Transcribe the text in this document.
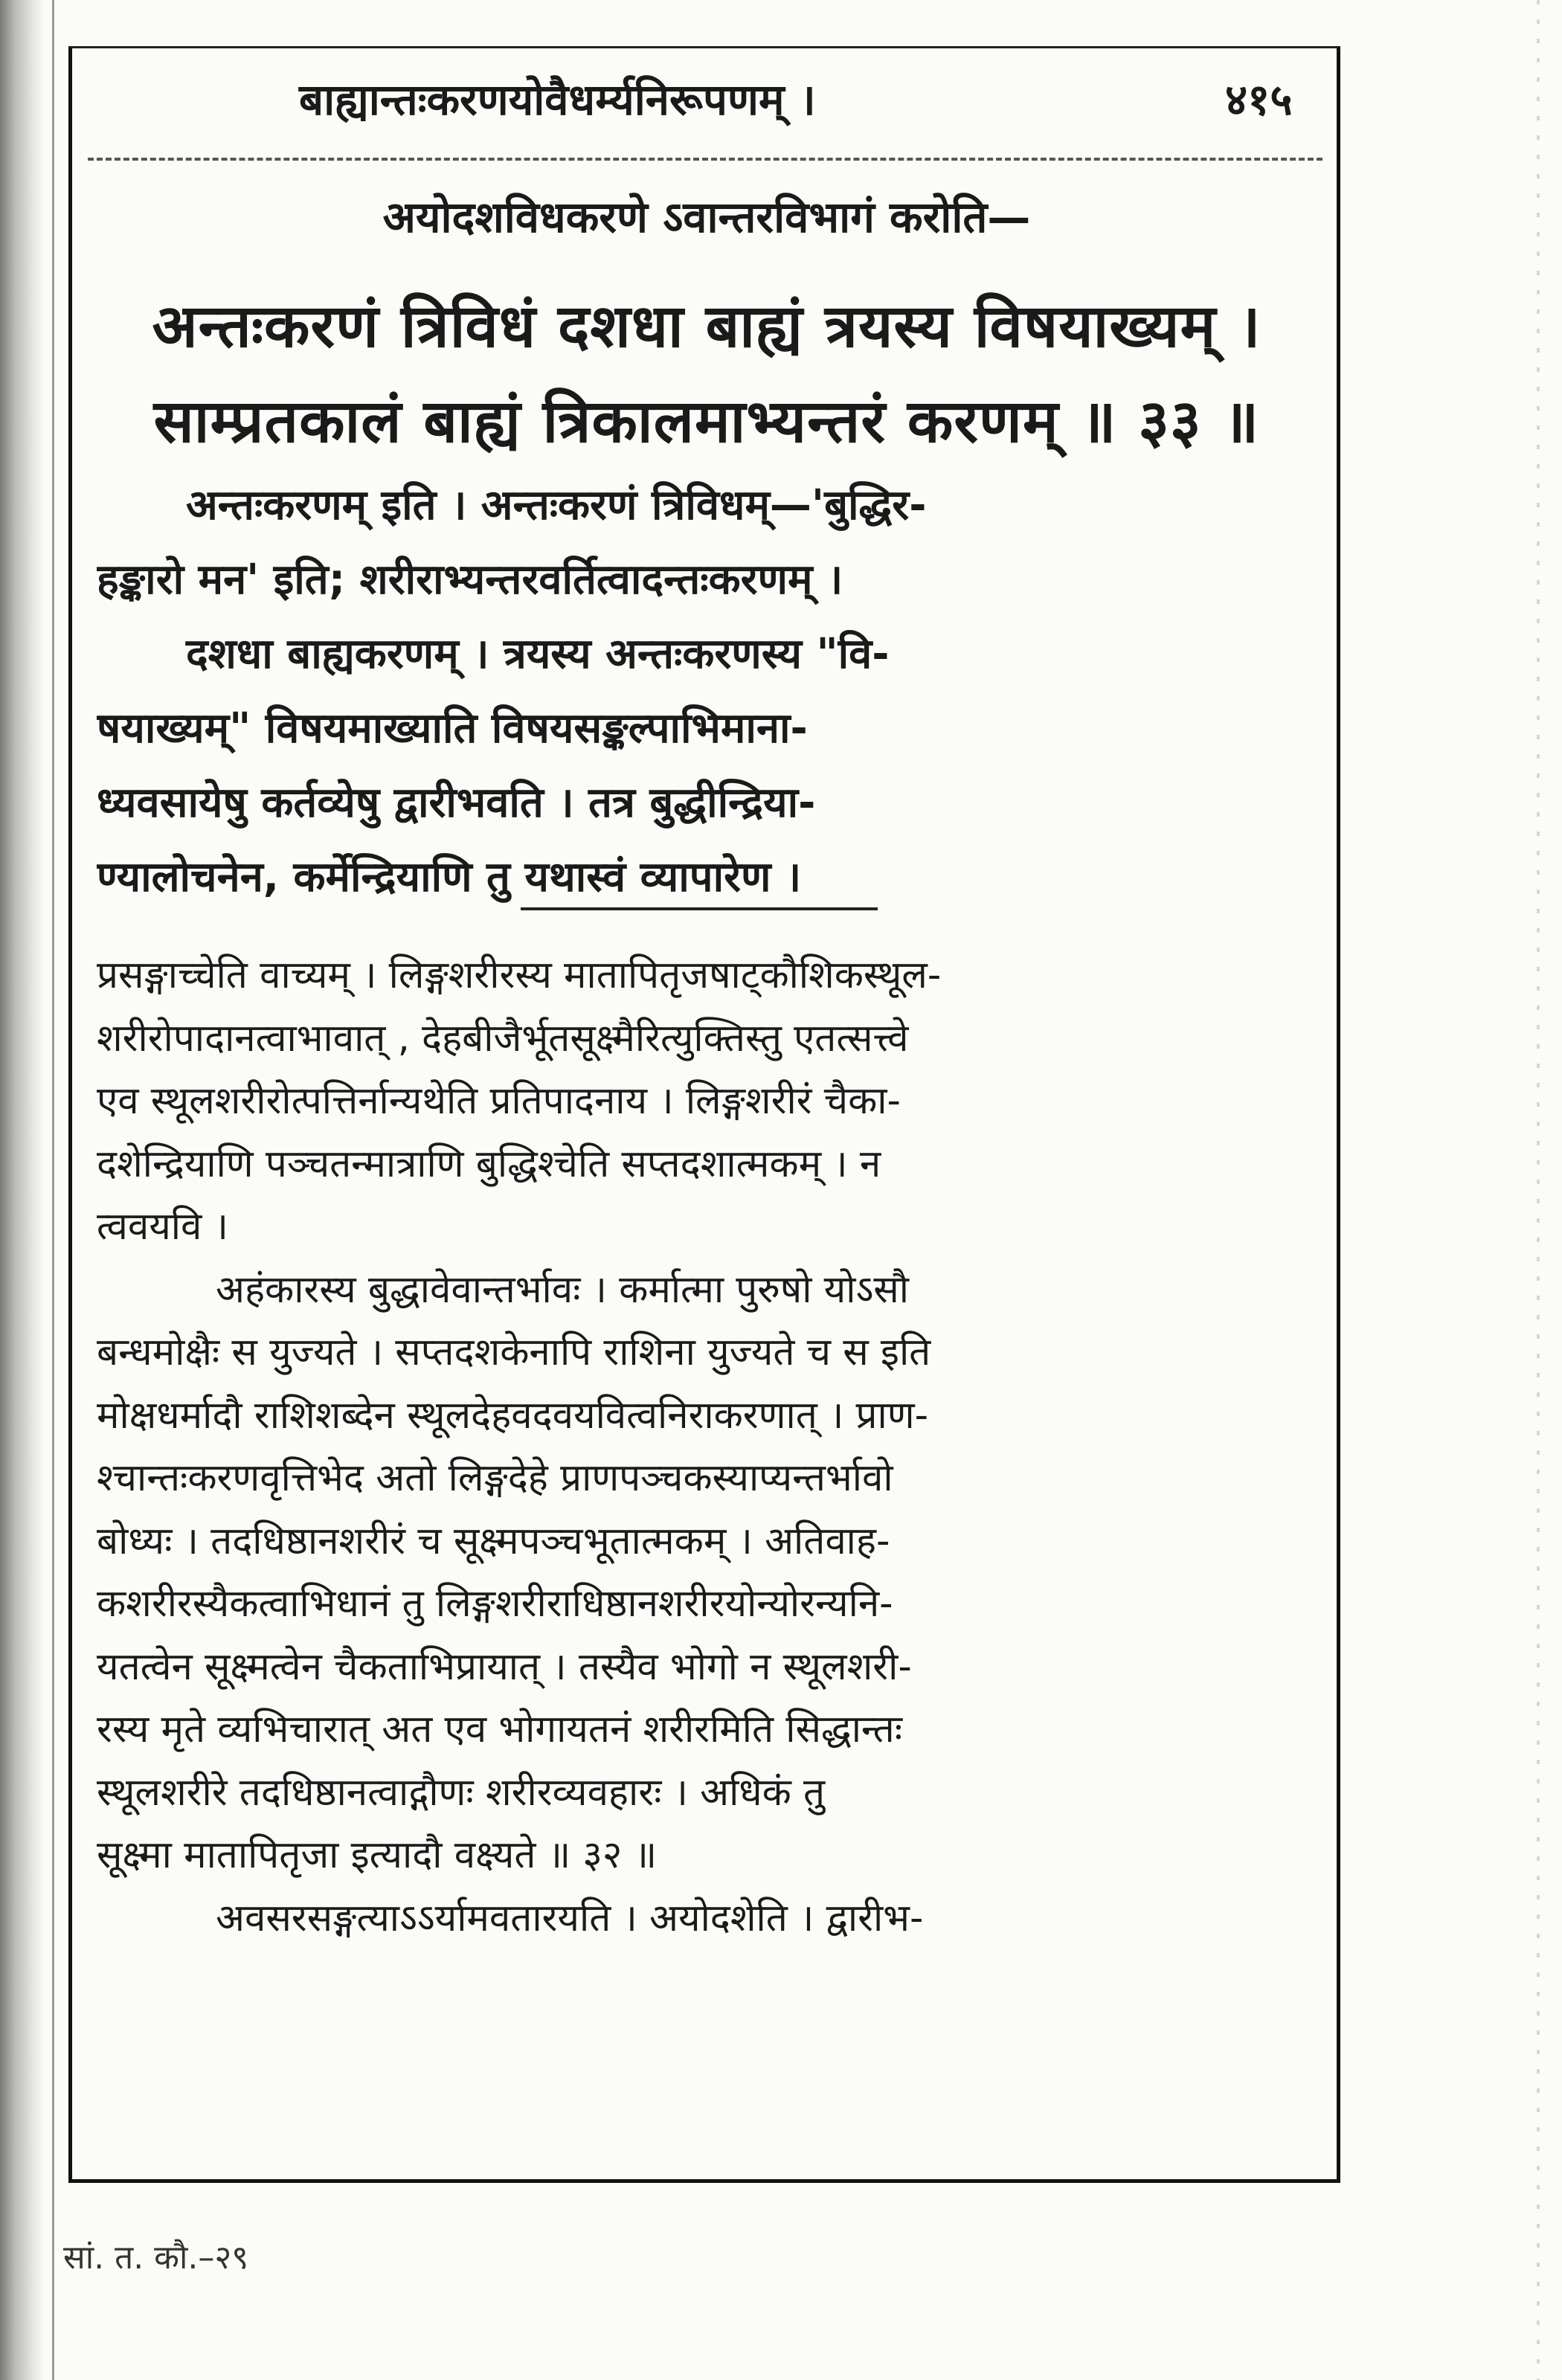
बाह्यान्तःकरणयोवैधर्म्यनिरूपणम् ।	४१५

अयोदशविधकरणे ऽवान्तरविभागं करोति—

अन्तःकरणं त्रिविधं दशधा बाह्यं त्रयस्य विषयाख्यम् ।

साम्प्रतकालं बाह्यं त्रिकालमाभ्यन्तरं करणम् ॥ ३३ ॥

अन्तःकरणम् इति । अन्तःकरणं त्रिविधम्—'बुद्धिर-

हङ्कारो मन' इति; शरीराभ्यन्तरवर्तित्वादन्तःकरणम् ।

दशधा बाह्यकरणम् । त्रयस्य अन्तःकरणस्य "वि-

षयाख्यम्" विषयमाख्याति विषयसङ्कल्पाभिमाना-

ध्यवसायेषु कर्तव्येषु द्वारीभवति । तत्र बुद्धीन्द्रिया-

ण्यालोचनेन, कर्मेन्द्रियाणि तु यथास्वं व्यापारेण ।

प्रसङ्गाच्चेति वाच्यम् । लिङ्गशरीरस्य मातापितृजषाट्कौशिकस्थूल-

शरीरोपादानत्वाभावात् , देहबीजैर्भूतसूक्ष्मैरित्युक्तिस्तु एतत्सत्त्वे

एव स्थूलशरीरोत्पत्तिर्नान्यथेति प्रतिपादनाय । लिङ्गशरीरं चैका-

दशेन्द्रियाणि पञ्चतन्मात्राणि बुद्धिश्चेति सप्तदशात्मकम् । न

त्ववयवि ।

अहंकारस्य बुद्धावेवान्तर्भावः । कर्मात्मा पुरुषो योऽसौ

बन्धमोक्षैः स युज्यते । सप्तदशकेनापि राशिना युज्यते च स इति

मोक्षधर्मादौ राशिशब्देन स्थूलदेहवदवयवित्वनिराकरणात् । प्राण-

श्चान्तःकरणवृत्तिभेद अतो लिङ्गदेहे प्राणपञ्चकस्याप्यन्तर्भावो

बोध्यः । तदधिष्ठानशरीरं च सूक्ष्मपञ्चभूतात्मकम् । अतिवाह-

कशरीरस्यैकत्वाभिधानं तु लिङ्गशरीराधिष्ठानशरीरयोन्योरन्यनि-

यतत्वेन सूक्ष्मत्वेन चैकताभिप्रायात् । तस्यैव भोगो न स्थूलशरी-

रस्य मृते व्यभिचारात् अत एव भोगायतनं शरीरमिति सिद्धान्तः

स्थूलशरीरे तदधिष्ठानत्वाद्गौणः शरीरव्यवहारः । अधिकं तु

सूक्ष्मा मातापितृजा इत्यादौ वक्ष्यते ॥ ३२ ॥

अवसरसङ्गत्याऽऽर्यामवतारयति । अयोदशेति । द्वारीभ-

सां. त. कौ.–२९
